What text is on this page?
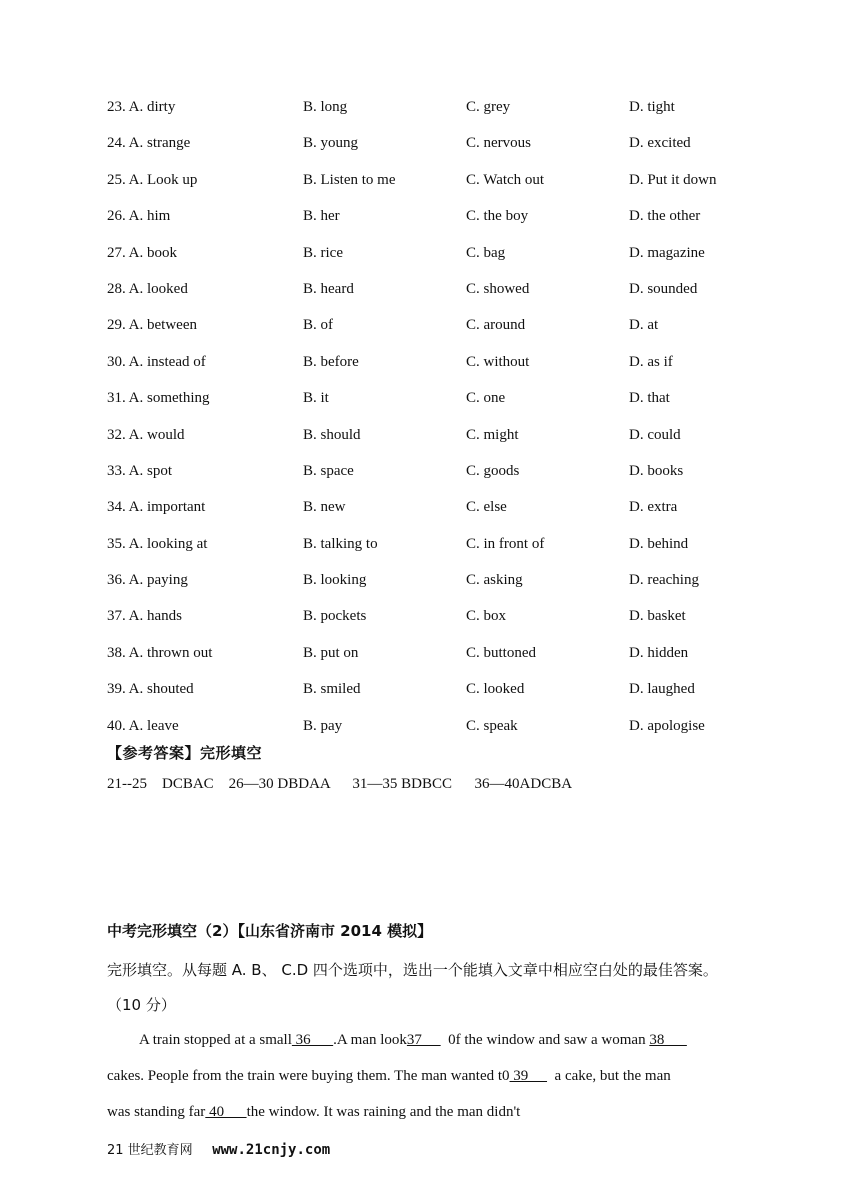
23. A. dirty	B. long	C. grey	D. tight
24. A. strange	B. young	C. nervous	D. excited
25. A. Look up	B. Listen to me	C. Watch out	D. Put it down
26. A. him	B. her	C. the boy	D. the other
27. A. book	B. rice	C. bag	D. magazine
28. A. looked	B. heard	C. showed	D. sounded
29. A. between	B. of	C. around	D. at
30. A. instead of	B. before	C. without	D. as if
31. A. something	B. it	C. one	D. that
32. A. would	B. should	C. might	D. could
33. A. spot	B. space	C. goods	D. books
34. A. important	B. new	C. else	D. extra
35. A. looking at	B. talking to	C. in front of	D. behind
36. A. paying	B. looking	C. asking	D. reaching
37. A. hands	B. pockets	C. box	D. basket
38. A. thrown out	B. put on	C. buttoned	D. hidden
39. A. shouted	B. smiled	C. looked	D. laughed
40. A. leave	B. pay	C. speak	D. apologise
【参考答案】完形填空
21--25    DCBAC    26—30 DBDAA      31—35 BDBCC      36—40ADCBA
中考完形填空（2）【山东省济南市 2014 模拟】
完形填空。从每题 A. B、 C.D 四个选项中，选出一个能填入文章中相应空白处的最佳答案。
（10 分）
A train stopped at a small 36      .A man look37       0f the window and saw a woman 38
cakes. People from the train were buying them. The man wanted t0 39       a cake, but the man
was standing far 40      the window. It was raining and the man didn't
21 世纪教育网 www.21cnjy.com
